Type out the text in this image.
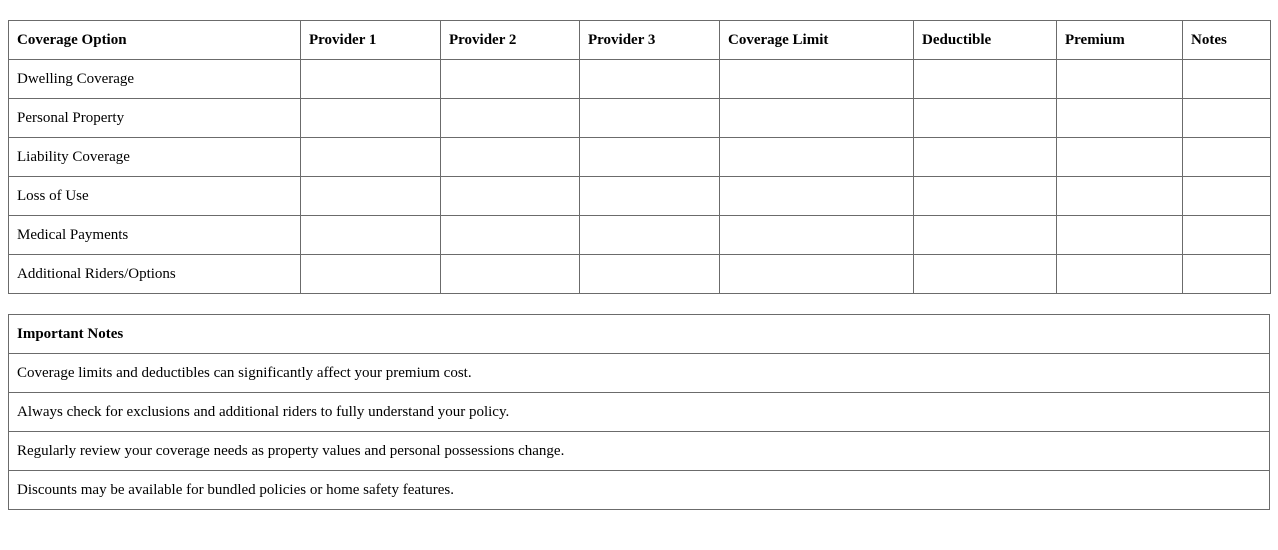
Coverage Option	Provider 1	Provider 2	Provider 3	Coverage Limit	Deductible	Premium	Notes
Dwelling Coverage							
Personal Property							
Liability Coverage							
Loss of Use							
Medical Payments							
Additional Riders/Options							
Important Notes
Coverage limits and deductibles can significantly affect your premium cost.
Always check for exclusions and additional riders to fully understand your policy.
Regularly review your coverage needs as property values and personal possessions change.
Discounts may be available for bundled policies or home safety features.
